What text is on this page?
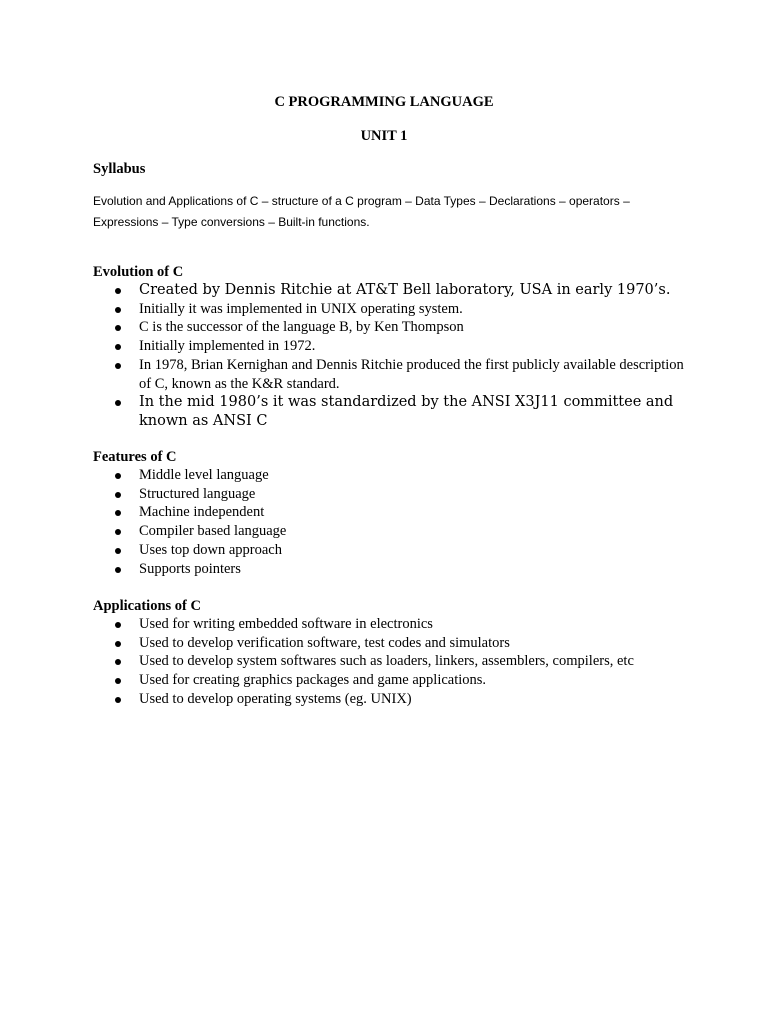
C PROGRAMMING LANGUAGE
UNIT 1
Syllabus
Evolution and Applications of C – structure of a C program – Data Types – Declarations – operators – Expressions – Type conversions – Built-in functions.
Evolution of C
Created by Dennis Ritchie at AT&T Bell laboratory, USA in early 1970’s.
Initially it was implemented in UNIX operating system.
C is the successor of the language B, by Ken Thompson
Initially implemented in 1972.
In 1978, Brian Kernighan and Dennis Ritchie produced the first publicly available description of C, known as the K&R standard.
In the mid 1980’s it was standardized by the ANSI X3J11 committee and known as ANSI C
Features of C
Middle level language
Structured language
Machine independent
Compiler based language
Uses top down approach
Supports pointers
Applications of C
Used for writing embedded software in electronics
Used to develop verification software, test codes and simulators
Used to develop system softwares such as loaders, linkers, assemblers, compilers, etc
Used for creating graphics packages and game applications.
Used to develop operating systems (eg. UNIX)
